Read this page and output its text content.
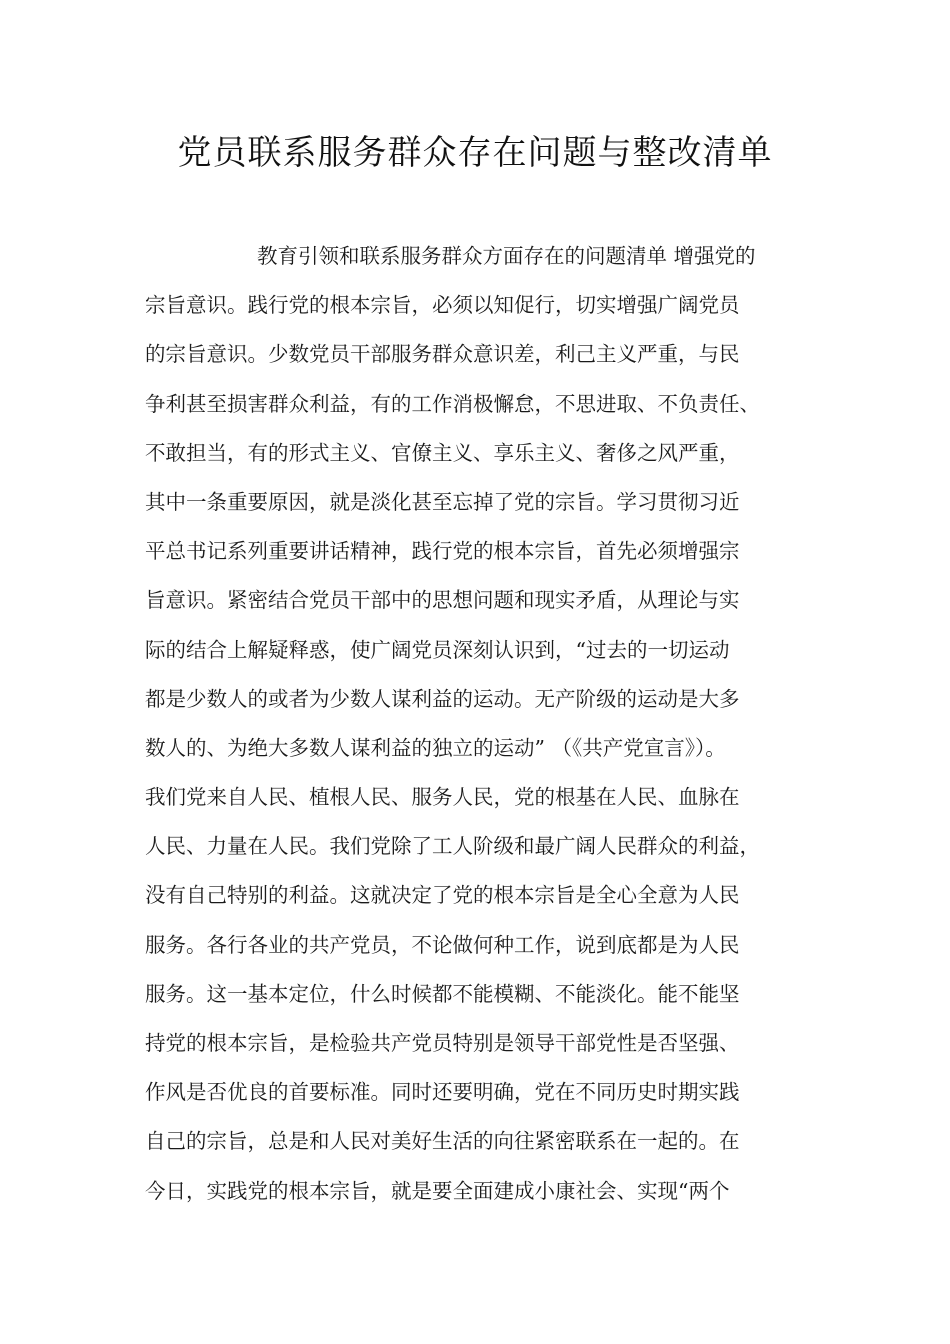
党员联系服务群众存在问题与整改清单
教育引领和联系服务群众方面存在的问题清单 增强党的
宗旨意识。践行党的根本宗旨，必须以知促行，切实增强广阔党员
的宗旨意识。少数党员干部服务群众意识差，利己主义严重，与民
争利甚至损害群众利益，有的工作消极懈怠，不思进取、不负责任、
不敢担当，有的形式主义、官僚主义、享乐主义、奢侈之风严重，
其中一条重要原因，就是淡化甚至忘掉了党的宗旨。学习贯彻习近
平总书记系列重要讲话精神，践行党的根本宗旨，首先必须增强宗
旨意识。紧密结合党员干部中的思想问题和现实矛盾，从理论与实
际的结合上解疑释惑，使广阔党员深刻认识到，“过去的一切运动
都是少数人的或者为少数人谋利益的运动。无产阶级的运动是大多
数人的、为绝大多数人谋利益的独立的运动” （《共产党宣言》）。
我们党来自人民、植根人民、服务人民，党的根基在人民、血脉在
人民、力量在人民。我们党除了工人阶级和最广阔人民群众的利益，
没有自己特别的利益。这就决定了党的根本宗旨是全心全意为人民
服务。各行各业的共产党员，不论做何种工作，说到底都是为人民
服务。这一基本定位，什么时候都不能模糊、不能淡化。能不能坚
持党的根本宗旨，是检验共产党员特别是领导干部党性是否坚强、
作风是否优良的首要标准。同时还要明确，党在不同历史时期实践
自己的宗旨，总是和人民对美好生活的向往紧密联系在一起的。在
今日，实践党的根本宗旨，就是要全面建成小康社会、实现“两个
